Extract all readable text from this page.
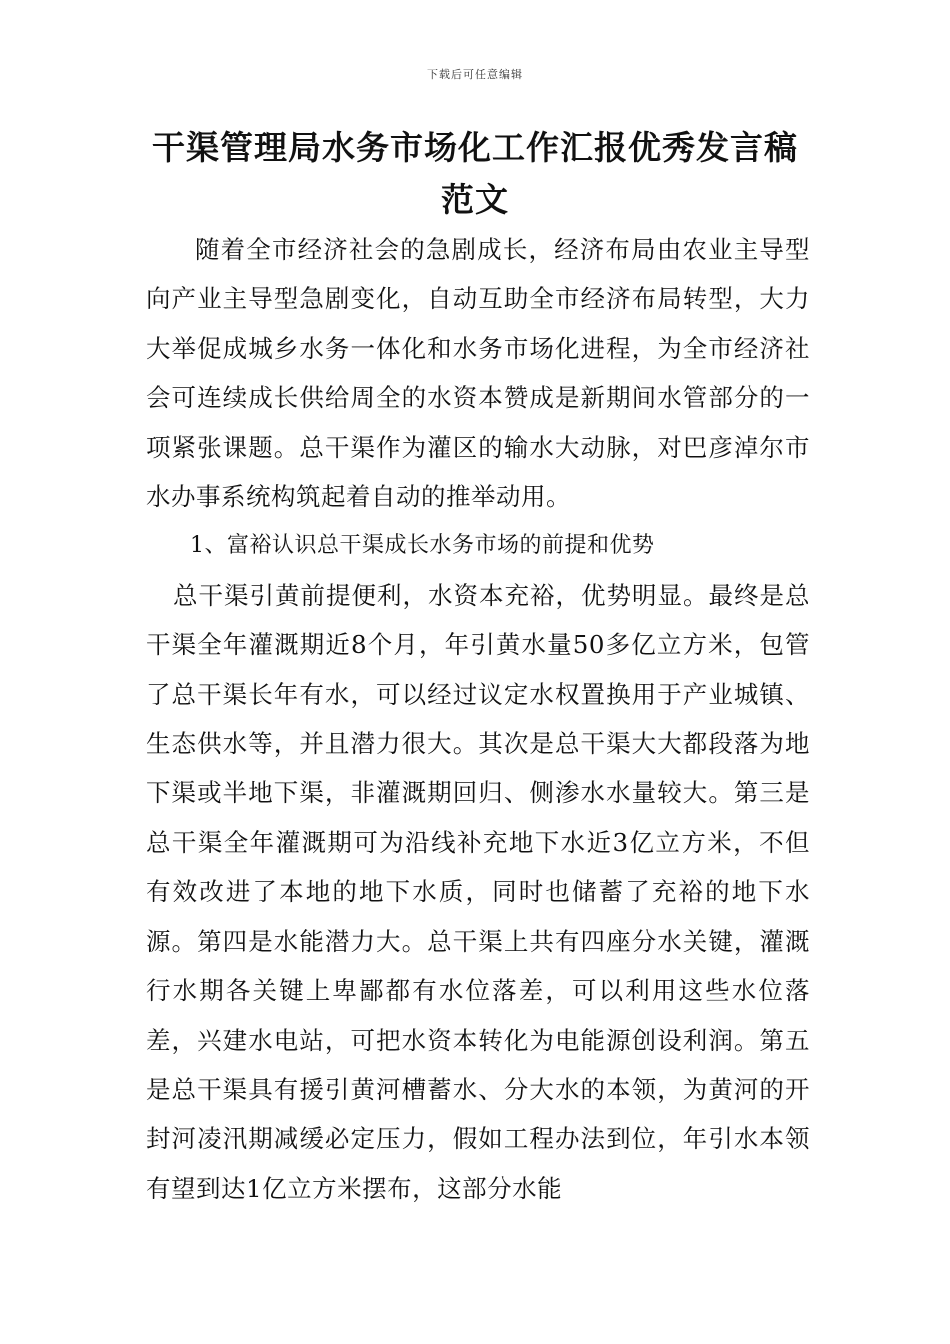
下载后可任意编辑
干渠管理局水务市场化工作汇报优秀发言稿范文

随着全市经济社会的急剧成长，经济布局由农业主导型向产业主导型急剧变化，自动互助全市经济布局转型，大力大举促成城乡水务一体化和水务市场化进程，为全市经济社会可连续成长供给周全的水资本赞成是新期间水管部分的一项紧张课题。总干渠作为灌区的输水大动脉，对巴彦淖尔市水办事系统构筑起着自动的推举动用。

1、富裕认识总干渠成长水务市场的前提和优势

总干渠引黄前提便利，水资本充裕，优势明显。最终是总干渠全年灌溉期近8个月，年引黄水量50多亿立方米，包管了总干渠长年有水，可以经过议定水权置换用于产业城镇、生态供水等，并且潜力很大。其次是总干渠大大都段落为地下渠或半地下渠，非灌溉期回归、侧渗水水量较大。第三是总干渠全年灌溉期可为沿线补充地下水近3亿立方米，不但有效改进了本地的地下水质，同时也储蓄了充裕的地下水源。第四是水能潜力大。总干渠上共有四座分水关键，灌溉行水期各关键上卑鄙都有水位落差，可以利用这些水位落差，兴建水电站，可把水资本转化为电能源创设利润。第五是总干渠具有援引黄河槽蓄水、分大水的本领，为黄河的开封河凌汛期减缓必定压力，假如工程办法到位，年引水本领有望到达1亿立方米摆布，这部分水能
